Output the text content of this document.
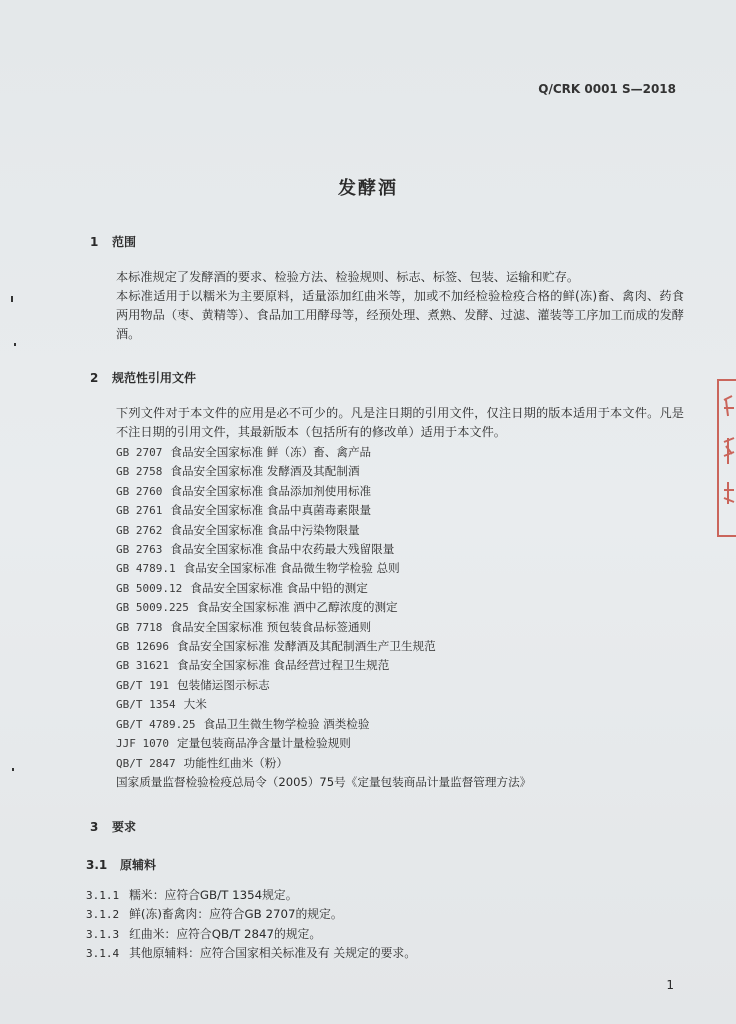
Q/CRK 0001 S—2018
发酵酒
1 范围
本标准规定了发酵酒的要求、检验方法、检验规则、标志、标签、包装、运输和贮存。
本标准适用于以糯米为主要原料，适量添加红曲米等，加或不加经检验检疫合格的鲜(冻)畜、禽肉、药食两用物品（枣、黄精等）、食品加工用酵母等，经预处理、煮熟、发酵、过滤、灌装等工序加工而成的发酵酒。
2 规范性引用文件
下列文件对于本文件的应用是必不可少的。凡是注日期的引用文件，仅注日期的版本适用于本文件。凡是不注日期的引用文件，其最新版本（包括所有的修改单）适用于本文件。
GB 2707 食品安全国家标准 鲜（冻）畜、禽产品
GB 2758 食品安全国家标准 发酵酒及其配制酒
GB 2760 食品安全国家标准 食品添加剂使用标准
GB 2761 食品安全国家标准 食品中真菌毒素限量
GB 2762 食品安全国家标准 食品中污染物限量
GB 2763 食品安全国家标准 食品中农药最大残留限量
GB 4789.1 食品安全国家标准 食品微生物学检验 总则
GB 5009.12 食品安全国家标准 食品中铅的测定
GB 5009.225 食品安全国家标准 酒中乙醇浓度的测定
GB 7718 食品安全国家标准 预包装食品标签通则
GB 12696 食品安全国家标准 发酵酒及其配制酒生产卫生规范
GB 31621 食品安全国家标准 食品经营过程卫生规范
GB/T 191 包装储运图示标志
GB/T 1354 大米
GB/T 4789.25 食品卫生微生物学检验 酒类检验
JJF 1070 定量包装商品净含量计量检验规则
QB/T 2847 功能性红曲米（粉）
国家质量监督检验检疫总局令（2005）75号《定量包装商品计量监督管理方法》
3 要求
3.1 原辅料
3.1.1 糯米：应符合GB/T 1354规定。
3.1.2 鲜(冻)畜禽肉：应符合GB 2707的规定。
3.1.3 红曲米：应符合QB/T 2847的规定。
3.1.4 其他原辅料：应符合国家相关标准及有 关规定的要求。
1
